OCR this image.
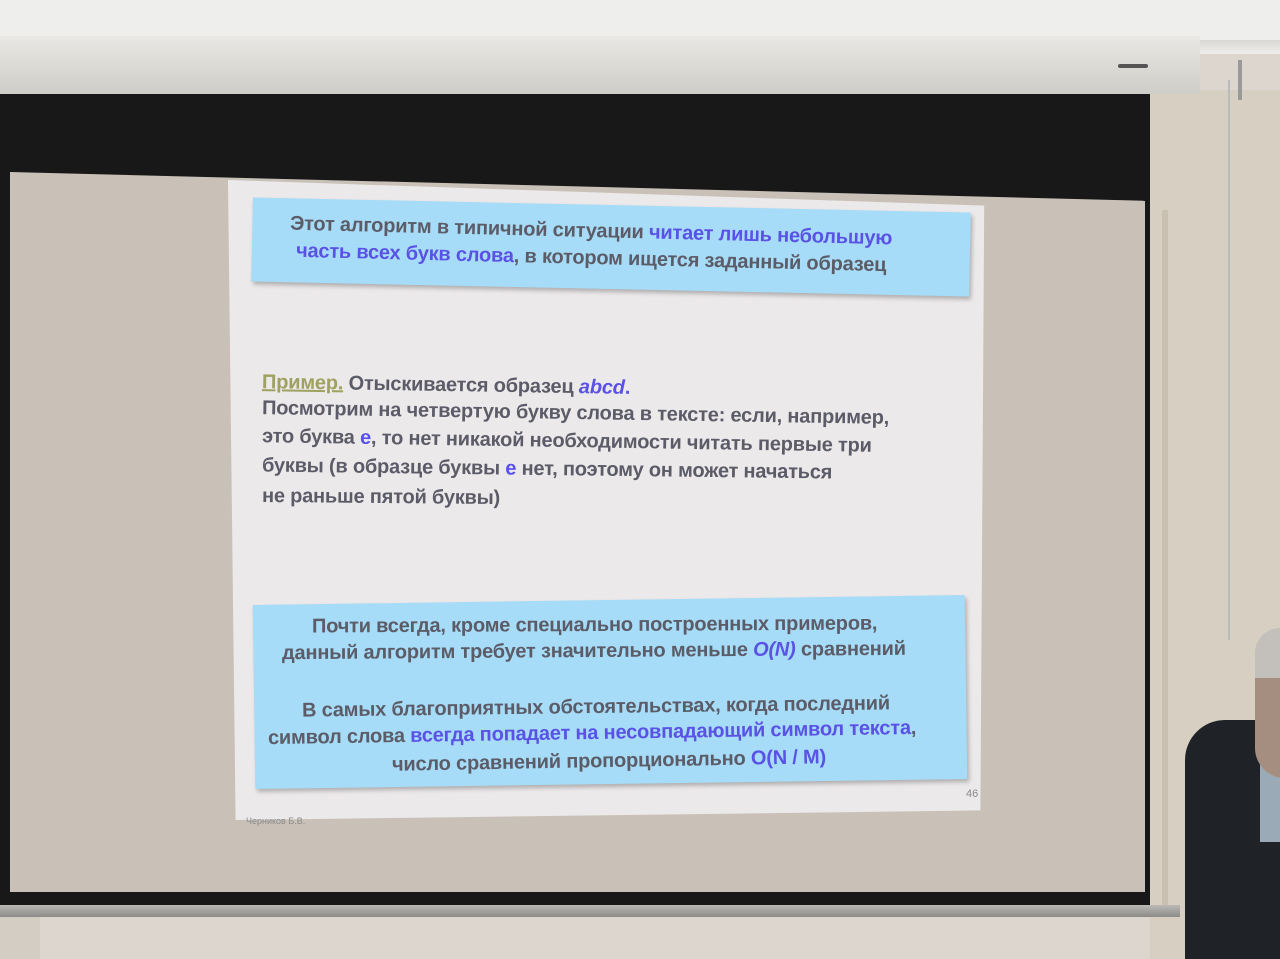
Этот алгоритм в типичной ситуации читает лишь небольшую
часть всех букв слова, в котором ищется заданный образец
Пример. Отыскивается образец abcd.
Посмотрим на четвертую букву слова в тексте: если, например,
это буква e, то нет никакой необходимости читать первые три
буквы (в образце буквы e нет, поэтому он может начаться
не раньше пятой буквы)
Почти всегда, кроме специально построенных примеров,
данный алгоритм требует значительно меньше O(N) сравнений
В самых благоприятных обстоятельствах, когда последний
символ слова всегда попадает на несовпадающий символ текста,
число сравнений пропорционально O(N / M)
46
Черников Б.В.
